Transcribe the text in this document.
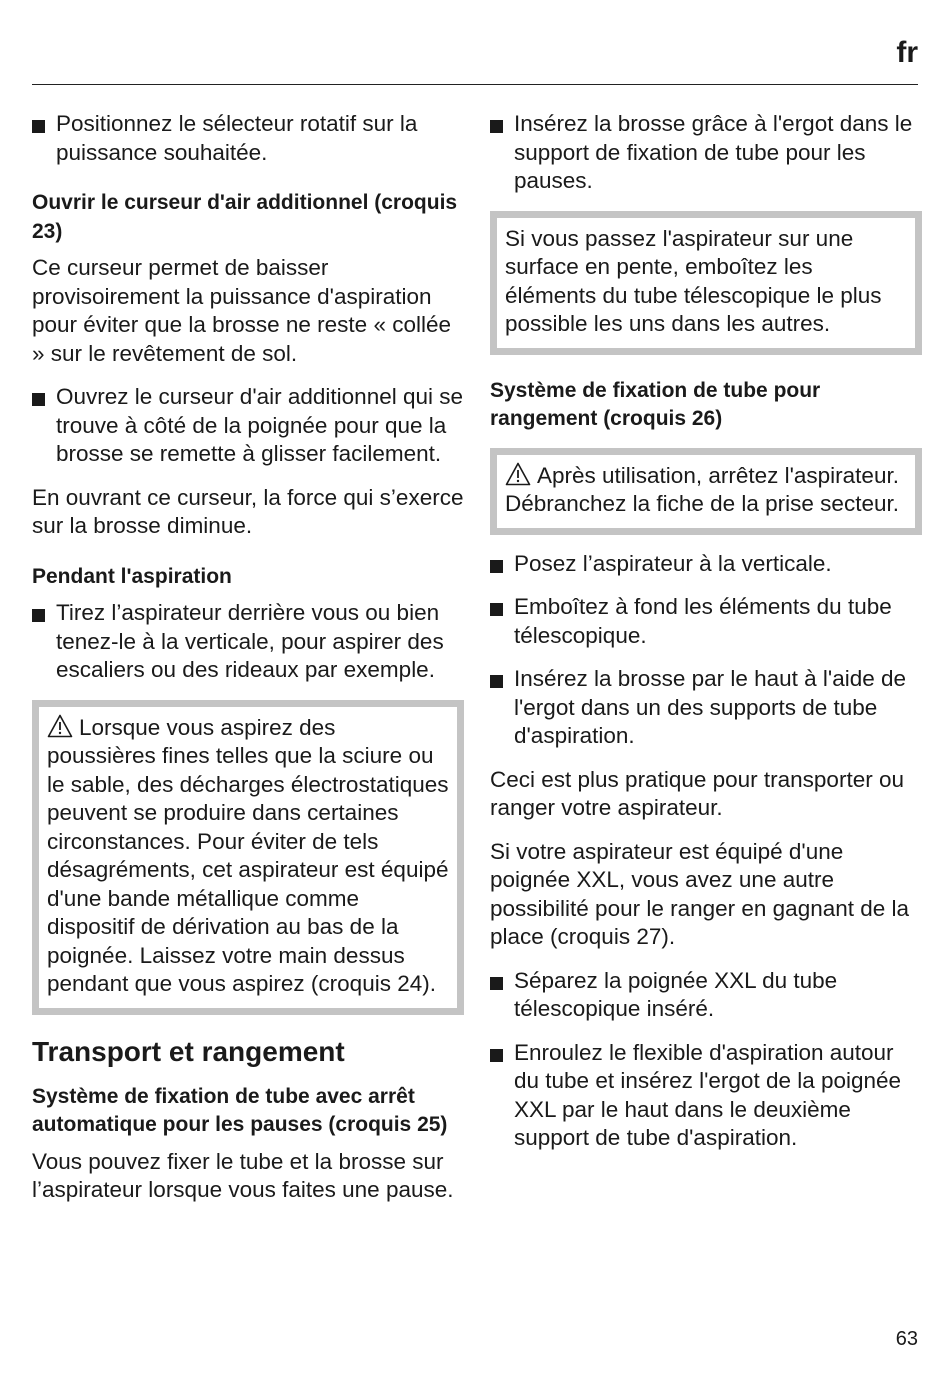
fr
Positionnez le sélecteur rotatif sur la puissance souhaitée.
Ouvrir le curseur d'air additionnel (croquis 23)

Ce curseur permet de baisser provisoirement la puissance d'aspiration pour éviter que la brosse ne reste « collée » sur le revêtement de sol.

Ouvrez le curseur d'air additionnel qui se trouve à côté de la poignée pour que la brosse se remette à glisser facilement.

En ouvrant ce curseur, la force qui s’exerce sur la brosse diminue.

Pendant l'aspiration
Tirez l’aspirateur derrière vous ou bien tenez-le à la verticale, pour aspirer des escaliers ou des rideaux par exemple.

Lorsque vous aspirez des poussières fines telles que la sciure ou le sable, des décharges électrostatiques peuvent se produire dans certaines circonstances. Pour éviter de tels désagréments, cet aspirateur est équipé d'une bande métallique comme dispositif de dérivation au bas de la poignée. Laissez votre main dessus pendant que vous aspirez (croquis 24).

Transport et rangement
Système de fixation de tube avec arrêt automatique pour les pauses (croquis 25)

Vous pouvez fixer le tube et la brosse sur l’aspirateur lorsque vous faites une pause.

Insérez la brosse grâce à l'ergot dans le support de fixation de tube pour les pauses.

Si vous passez l'aspirateur sur une surface en pente, emboîtez les éléments du tube télescopique le plus possible les uns dans les autres.

Système de fixation de tube pour rangement (croquis 26)

Après utilisation, arrêtez l'aspirateur. Débranchez la fiche de la prise secteur.

Posez l’aspirateur à la verticale.
Emboîtez à fond les éléments du tube télescopique.
Insérez la brosse par le haut à l'aide de l'ergot dans un des supports de tube d'aspiration.

Ceci est plus pratique pour transporter ou ranger votre aspirateur.

Si votre aspirateur est équipé d'une poignée XXL, vous avez une autre possibilité pour le ranger en gagnant de la place (croquis 27).

Séparez la poignée XXL du tube télescopique inséré.
Enroulez le flexible d'aspiration autour du tube et insérez l'ergot de la poignée XXL par le haut dans le deuxième support de tube d'aspiration.
63
